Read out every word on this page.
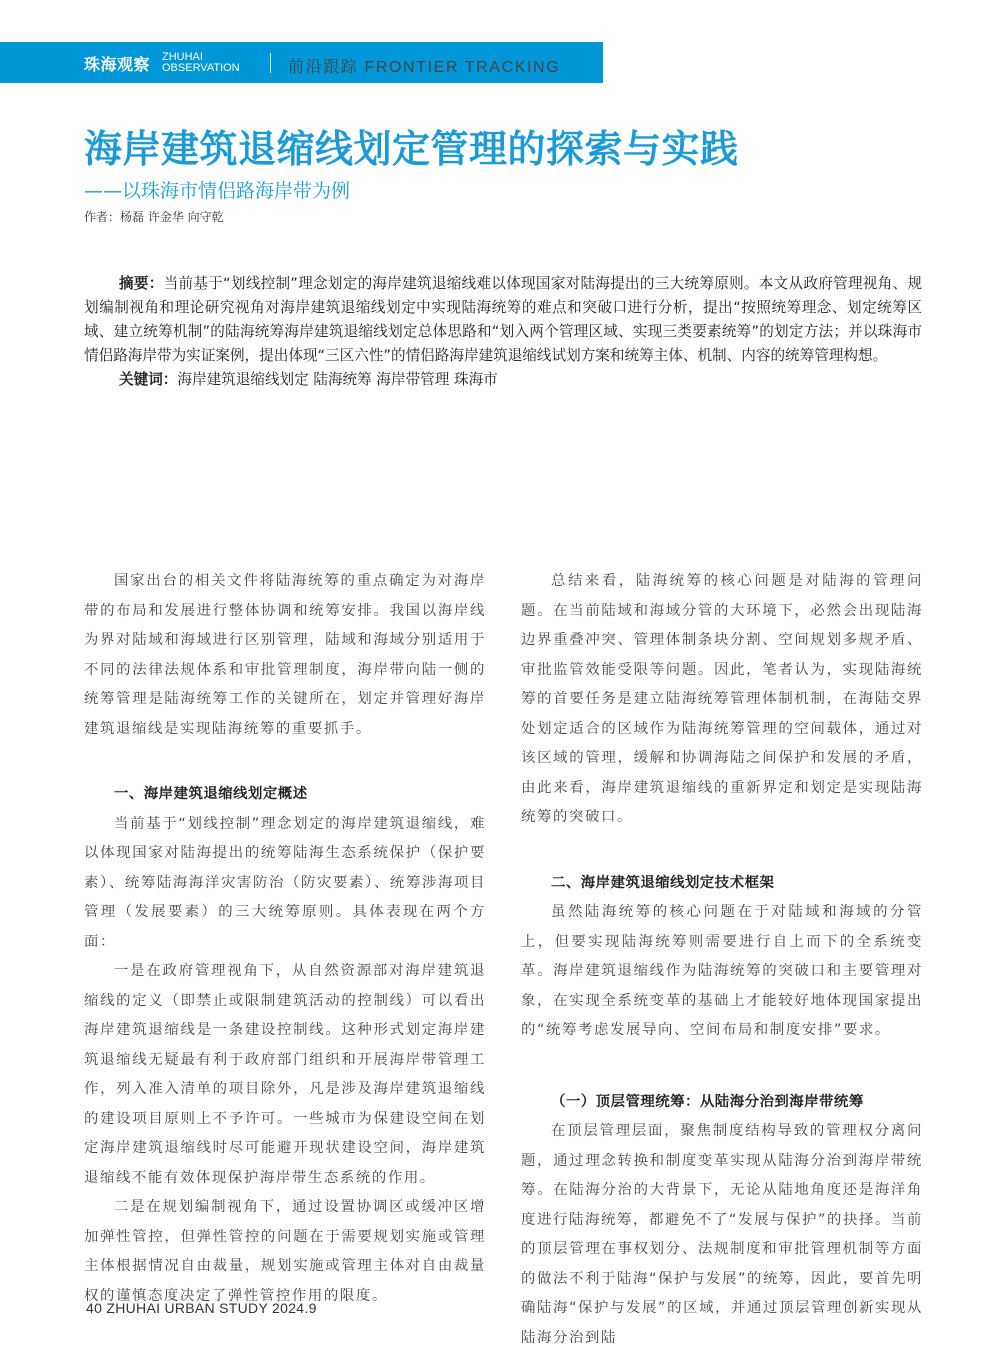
珠海观察 ZHUHAI
OBSERVATION	前沿跟踪 FRONTIER TRACKING
海岸建筑退缩线划定管理的探索与实践
——以珠海市情侣路海岸带为例
作者：杨磊 许金华 向守乾

摘要：当前基于“划线控制”理念划定的海岸建筑退缩线难以体现国家对陆海提出的三大统筹原则。本文从政府管理视角、规划编制视角和理论研究视角对海岸建筑退缩线划定中实现陆海统筹的难点和突破口进行分析，提出“按照统筹理念、划定统筹区域、建立统筹机制”的陆海统筹海岸建筑退缩线划定总体思路和“划入两个管理区域、实现三类要素统筹”的划定方法；并以珠海市情侣路海岸带为实证案例，提出体现“三区六性”的情侣路海岸建筑退缩线试划方案和统筹主体、机制、内容的统筹管理构想。

关键词：海岸建筑退缩线划定 陆海统筹 海岸带管理 珠海市

国家出台的相关文件将陆海统筹的重点确定为对海岸带的布局和发展进行整体协调和统筹安排。我国以海岸线为界对陆域和海域进行区别管理，陆域和海域分别适用于不同的法律法规体系和审批管理制度，海岸带向陆一侧的统筹管理是陆海统筹工作的关键所在，划定并管理好海岸建筑退缩线是实现陆海统筹的重要抓手。

一、海岸建筑退缩线划定概述

当前基于“划线控制”理念划定的海岸建筑退缩线，难以体现国家对陆海提出的统筹陆海生态系统保护（保护要素）、统筹陆海海洋灾害防治（防灾要素）、统筹涉海项目管理（发展要素）的三大统筹原则。具体表现在两个方面：

一是在政府管理视角下，从自然资源部对海岸建筑退缩线的定义（即禁止或限制建筑活动的控制线）可以看出海岸建筑退缩线是一条建设控制线。这种形式划定海岸建筑退缩线无疑最有利于政府部门组织和开展海岸带管理工作，列入准入清单的项目除外，凡是涉及海岸建筑退缩线的建设项目原则上不予许可。一些城市为保建设空间在划定海岸建筑退缩线时尽可能避开现状建设空间，海岸建筑退缩线不能有效体现保护海岸带生态系统的作用。

二是在规划编制视角下，通过设置协调区或缓冲区增加弹性管控，但弹性管控的问题在于需要规划实施或管理主体根据情况自由裁量，规划实施或管理主体对自由裁量权的谨慎态度决定了弹性管控作用的限度。

总结来看，陆海统筹的核心问题是对陆海的管理问题。在当前陆域和海域分管的大环境下，必然会出现陆海边界重叠冲突、管理体制条块分割、空间规划多规矛盾、审批监管效能受限等问题。因此，笔者认为，实现陆海统筹的首要任务是建立陆海统筹管理体制机制，在海陆交界处划定适合的区域作为陆海统筹管理的空间载体，通过对该区域的管理，缓解和协调海陆之间保护和发展的矛盾，由此来看，海岸建筑退缩线的重新界定和划定是实现陆海统筹的突破口。

二、海岸建筑退缩线划定技术框架

虽然陆海统筹的核心问题在于对陆域和海域的分管上，但要实现陆海统筹则需要进行自上而下的全系统变革。海岸建筑退缩线作为陆海统筹的突破口和主要管理对象，在实现全系统变革的基础上才能较好地体现国家提出的“统筹考虑发展导向、空间布局和制度安排”要求。

（一）顶层管理统筹：从陆海分治到海岸带统筹

在顶层管理层面，聚焦制度结构导致的管理权分离问题，通过理念转换和制度变革实现从陆海分治到海岸带统筹。在陆海分治的大背景下，无论从陆地角度还是海洋角度进行陆海统筹，都避免不了“发展与保护”的抉择。当前的顶层管理在事权划分、法规制度和审批管理机制等方面的做法不利于陆海“保护与发展”的统筹，因此，要首先明确陆海“保护与发展”的区域，并通过顶层管理创新实现从陆海分治到陆

40 ZHUHAI URBAN STUDY 2024.9
